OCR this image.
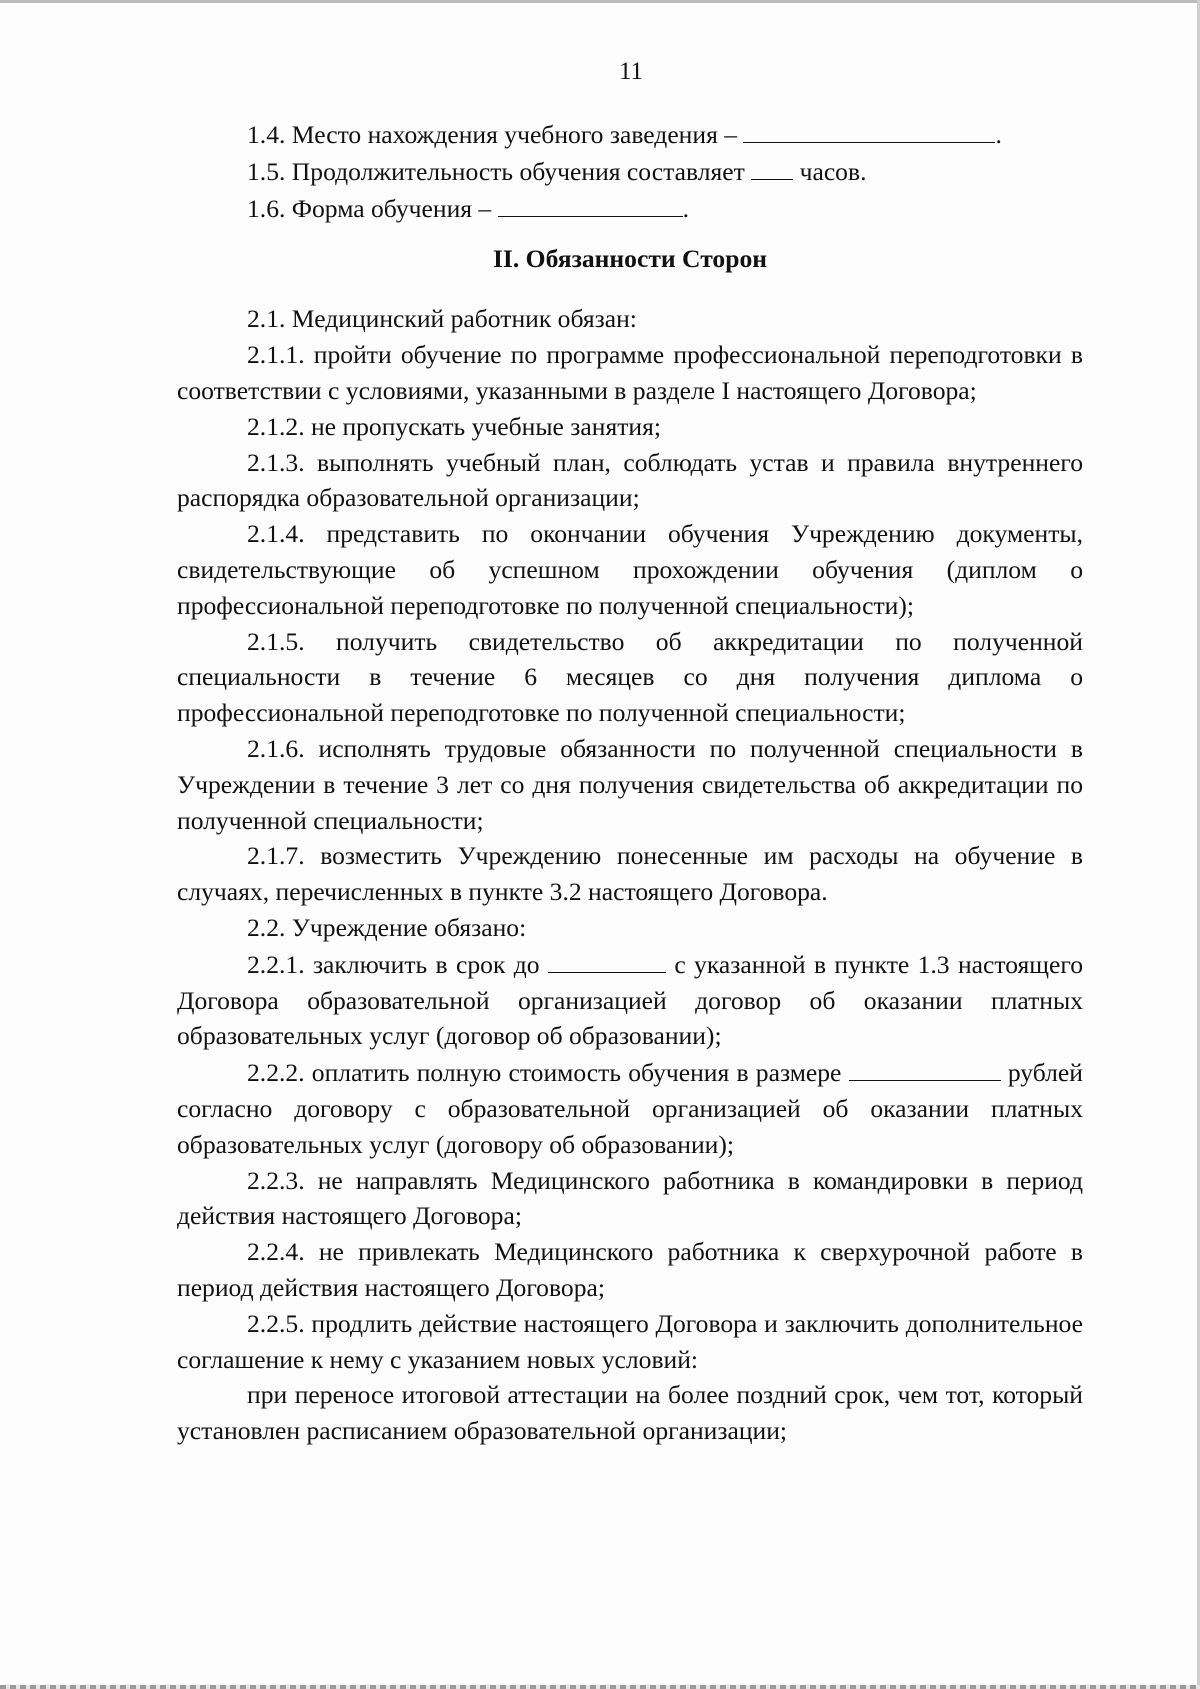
11

1.4. Место нахождения учебного заведения –	.

1.5. Продолжительность обучения составляет часов.

1.6. Форма обучения –	.

II. Обязанности Сторон

2.1. Медицинский работник обязан:

2.1.1. пройти обучение по программе профессиональной переподготовки в соответствии с условиями, указанными в разделе I настоящего Договора;

2.1.2. не пропускать учебные занятия;

2.1.3. выполнять учебный план, соблюдать устав и правила внутреннего распорядка образовательной организации;

2.1.4. представить по окончании обучения Учреждению документы, свидетельствующие об успешном прохождении обучения (диплом о профессиональной переподготовке по полученной специальности);

2.1.5. получить свидетельство об аккредитации по полученной специальности в течение 6 месяцев со дня получения диплома о профессиональной переподготовке по полученной специальности;

2.1.6. исполнять трудовые обязанности по полученной специальности в Учреждении в течение 3 лет со дня получения свидетельства об аккредитации по полученной специальности;

2.1.7. возместить Учреждению понесенные им расходы на обучение в случаях, перечисленных в пункте 3.2 настоящего Договора.

2.2. Учреждение обязано:

2.2.1. заключить в срок до	с указанной в пункте 1.3 настоящего Договора образовательной организацией договор об оказании платных образовательных услуг (договор об образовании);

2.2.2. оплатить полную стоимость обучения в размере	рублей согласно договору с образовательной организацией об оказании платных образовательных услуг (договору об образовании);

2.2.3. не направлять Медицинского работника в командировки в период действия настоящего Договора;

2.2.4. не привлекать Медицинского работника к сверхурочной работе в период действия настоящего Договора;

2.2.5. продлить действие настоящего Договора и заключить дополнительное соглашение к нему с указанием новых условий:

при переносе итоговой аттестации на более поздний срок, чем тот, который установлен расписанием образовательной организации;
